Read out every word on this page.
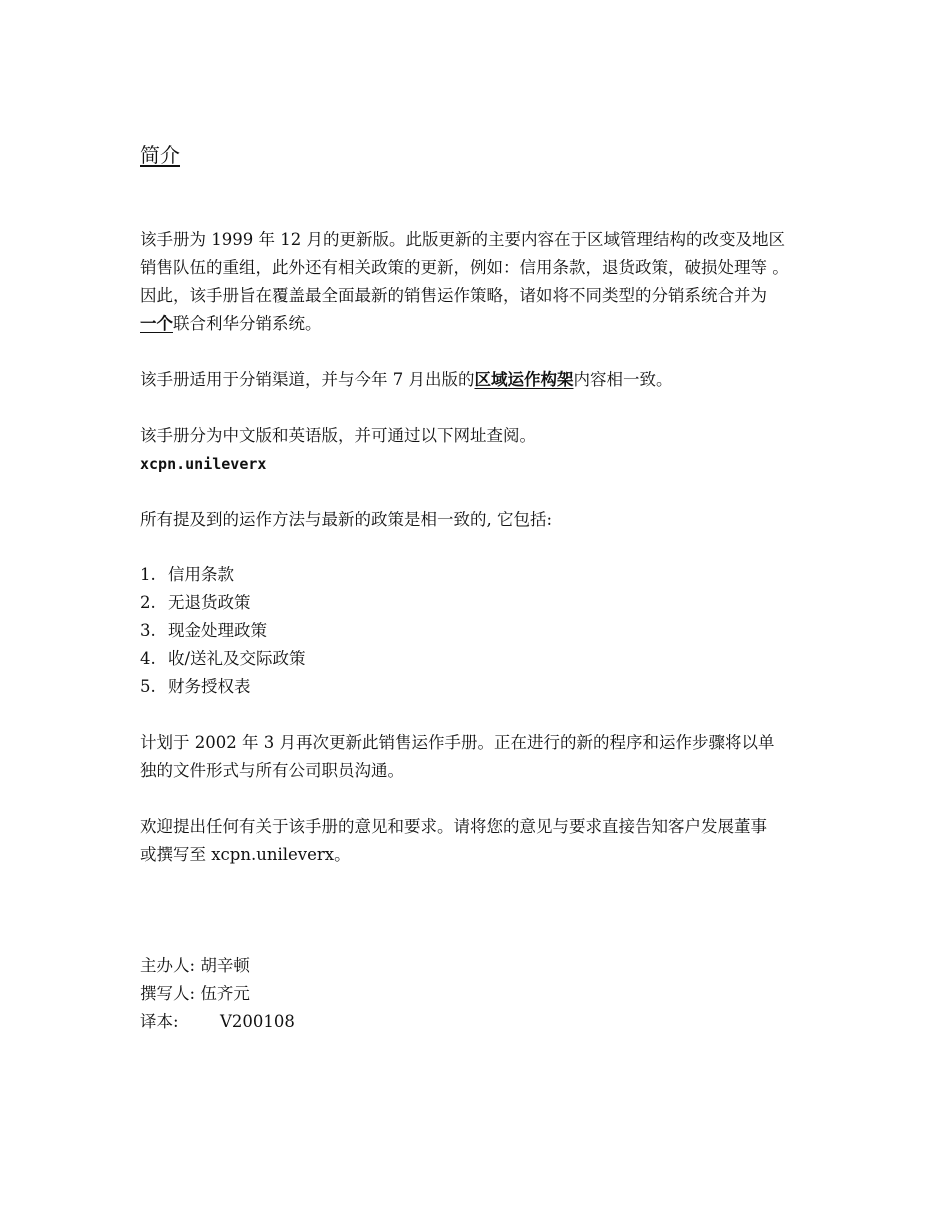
简介
该手册为 1999 年 12 月的更新版。此版更新的主要内容在于区域管理结构的改变及地区
销售队伍的重组，此外还有相关政策的更新，例如：信用条款，退货政策，破损处理等 。
因此，该手册旨在覆盖最全面最新的销售运作策略，诸如将不同类型的分销系统合并为
一个联合利华分销系统。
该手册适用于分销渠道，并与今年 7 月出版的区域运作构架内容相一致。
该手册分为中文版和英语版，并可通过以下网址查阅。
xcpn.unileverx
所有提及到的运作方法与最新的政策是相一致的, 它包括:
1. 信用条款
2. 无退货政策
3. 现金处理政策
4. 收/送礼及交际政策
5. 财务授权表
计划于 2002 年 3 月再次更新此销售运作手册。正在进行的新的程序和运作步骤将以单
独的文件形式与所有公司职员沟通。
欢迎提出任何有关于该手册的意见和要求。请将您的意见与要求直接告知客户发展董事
或撰写至 xcpn.unileverx。
主办人: 胡辛顿
撰写人: 伍齐元
译本:	V200108
